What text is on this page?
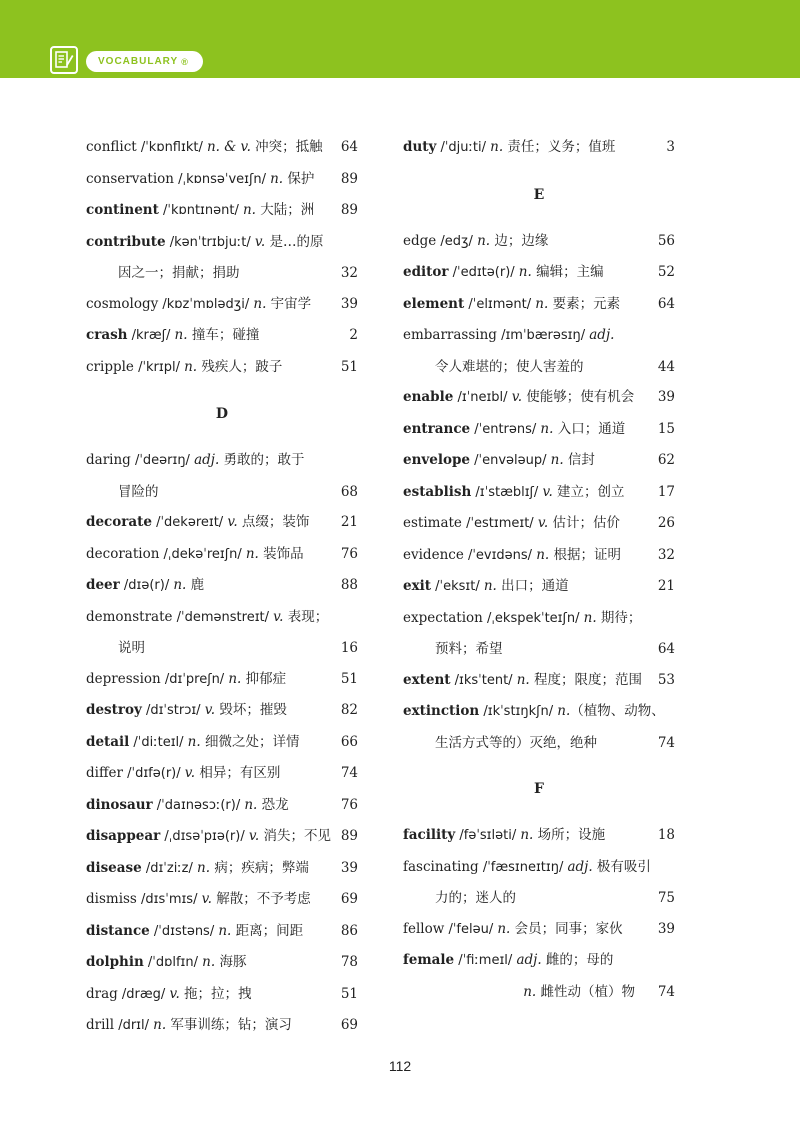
VOCABULARY ®
conflict /ˈkɒnflɪkt/ n. & v. 冲突；抵触 64
conservation /ˌkɒnsəˈveɪʃn/ n. 保护 89
continent /ˈkɒntɪnənt/ n. 大陆；洲 89
contribute /kənˈtrɪbjuːt/ v. 是…的原
因之一；捐献；捐助	32
cosmology /kɒzˈmɒlədʒi/ n. 宇宙学 39
crash /kræʃ/ n. 撞车；碰撞	2
cripple /ˈkrɪpl/ n. 残疾人；跛子	51
D
daring /ˈdeərɪŋ/ adj. 勇敢的；敢于
冒险的	68
decorate /ˈdekəreɪt/ v. 点缀；装饰 21
decoration /ˌdekəˈreɪʃn/ n. 装饰品	76
deer /dɪə(r)/ n. 鹿	88
demonstrate /ˈdemənstreɪt/ v. 表现；
说明	16
depression /dɪˈpreʃn/ n. 抑郁症	51
destroy /dɪˈstrɔɪ/ v. 毁坏；摧毁	82
detail /ˈdiːteɪl/ n. 细微之处；详情	66
differ /ˈdɪfə(r)/ v. 相异；有区别	74
dinosaur /ˈdaɪnəsɔː(r)/ n. 恐龙	76
disappear /ˌdɪsəˈpɪə(r)/ v. 消失；不见 89
disease /dɪˈziːz/ n. 病；疾病；弊端 39
dismiss /dɪsˈmɪs/ v. 解散；不予考虑 69
distance /ˈdɪstəns/ n. 距离；间距	86
dolphin /ˈdɒlfɪn/ n. 海豚	78
drag /dræg/ v. 拖；拉；拽	51
drill /drɪl/ n. 军事训练；钻；演习	69
duty /ˈdjuːti/ n. 责任；义务；值班	3
E
edge /edʒ/ n. 边；边缘	56
editor /ˈedɪtə(r)/ n. 编辑；主编	52
element /ˈelɪmənt/ n. 要素；元素	64
embarrassing /ɪmˈbærəsɪŋ/ adj.
令人难堪的；使人害羞的	44
enable /ɪˈneɪbl/ v. 使能够；使有机会 39
entrance /ˈentrəns/ n. 入口；通道 15
envelope /ˈenvələup/ n. 信封	62
establish /ɪˈstæblɪʃ/ v. 建立；创立 17
estimate /ˈestɪmeɪt/ v. 估计；估价	26
evidence /ˈevɪdəns/ n. 根据；证明	32
exit /ˈeksɪt/ n. 出口；通道	21
expectation /ˌekspekˈteɪʃn/ n. 期待；
预料；希望	64
extent /ɪksˈtent/ n. 程度；限度；范围 53
extinction /ɪkˈstɪŋkʃn/ n.（植物、动物、
生活方式等的）灭绝，绝种	74
F
facility /fəˈsɪləti/ n. 场所；设施	18
fascinating /ˈfæsɪneɪtɪŋ/ adj. 极有吸引
力的；迷人的	75
fellow /ˈfeləu/ n. 会员；同事；家伙	39
female /ˈfiːmeɪl/ adj. 雌的；母的
n. 雌性动（植）物 74
112
